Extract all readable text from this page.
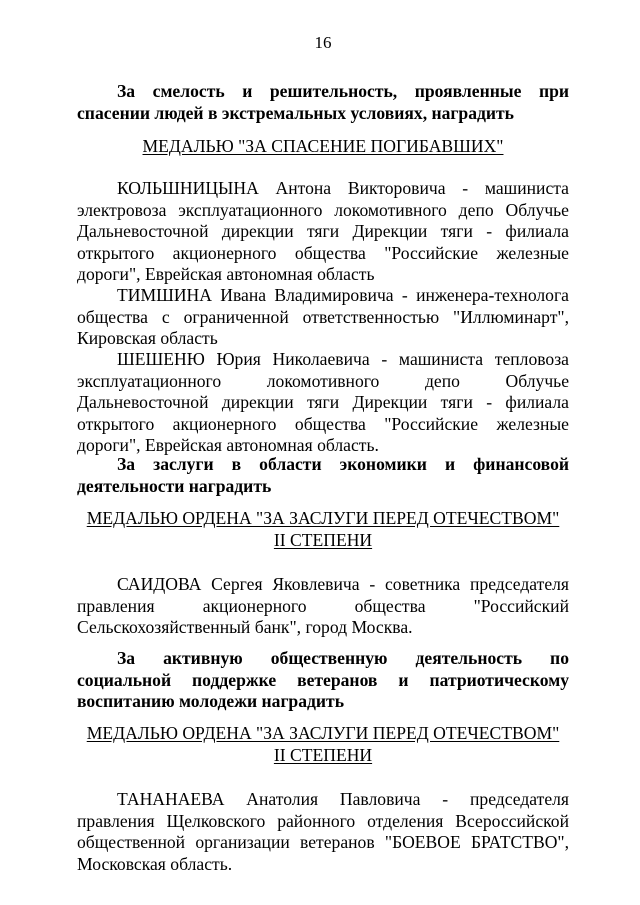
16

За смелость и решительность, проявленные при спасении людей в экстремальных условиях, наградить

МЕДАЛЬЮ "ЗА СПАСЕНИЕ ПОГИБАВШИХ"

КОЛЬШНИЦЫНА Антона Викторовича - машиниста электровоза эксплуатационного локомотивного депо Облучье Дальневосточной дирекции тяги Дирекции тяги - филиала открытого акционерного общества "Российские железные дороги", Еврейская автономная область

ТИМШИНА Ивана Владимировича - инженера-технолога общества с ограниченной ответственностью "Иллюминарт", Кировская область

ШЕШЕНЮ Юрия Николаевича - машиниста тепловоза эксплуатационного локомотивного депо Облучье Дальневосточной дирекции тяги Дирекции тяги - филиала открытого акционерного общества "Российские железные дороги", Еврейская автономная область.

За заслуги в области экономики и финансовой деятельности наградить

МЕДАЛЬЮ ОРДЕНА "ЗА ЗАСЛУГИ ПЕРЕД ОТЕЧЕСТВОМ"
II СТЕПЕНИ

САИДОВА Сергея Яковлевича - советника председателя правления акционерного общества "Российский Сельскохозяйственный банк", город Москва.

За активную общественную деятельность по социальной поддержке ветеранов и патриотическому воспитанию молодежи наградить

МЕДАЛЬЮ ОРДЕНА "ЗА ЗАСЛУГИ ПЕРЕД ОТЕЧЕСТВОМ"
II СТЕПЕНИ

ТАНАНАЕВА Анатолия Павловича - председателя правления Щелковского районного отделения Всероссийской общественной организации ветеранов "БОЕВОЕ БРАТСТВО", Московская область.
